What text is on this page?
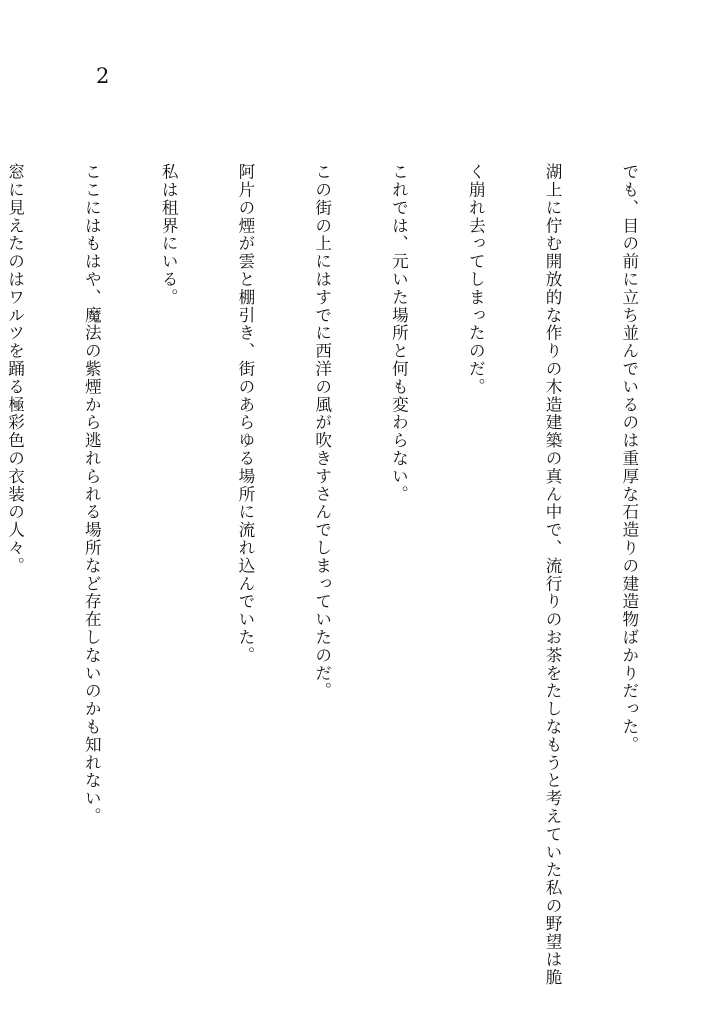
2

でも、目の前に立ち並んでいるのは重厚な石造りの建造物ばかりだった。

湖上に佇む開放的な作りの木造建築の真ん中で、流行りのお茶をたしなもうと考えていた私の野望は脆

く崩れ去ってしまったのだ。

これでは、元いた場所と何も変わらない。

この街の上にはすでに西洋の風が吹きすさんでしまっていたのだ。

阿片の煙が雲と棚引き、街のあらゆる場所に流れ込んでいた。

私は租界にいる。

ここにはもはや、魔法の紫煙から逃れられる場所など存在しないのかも知れない。

窓に見えたのはワルツを踊る極彩色の衣装の人々。
